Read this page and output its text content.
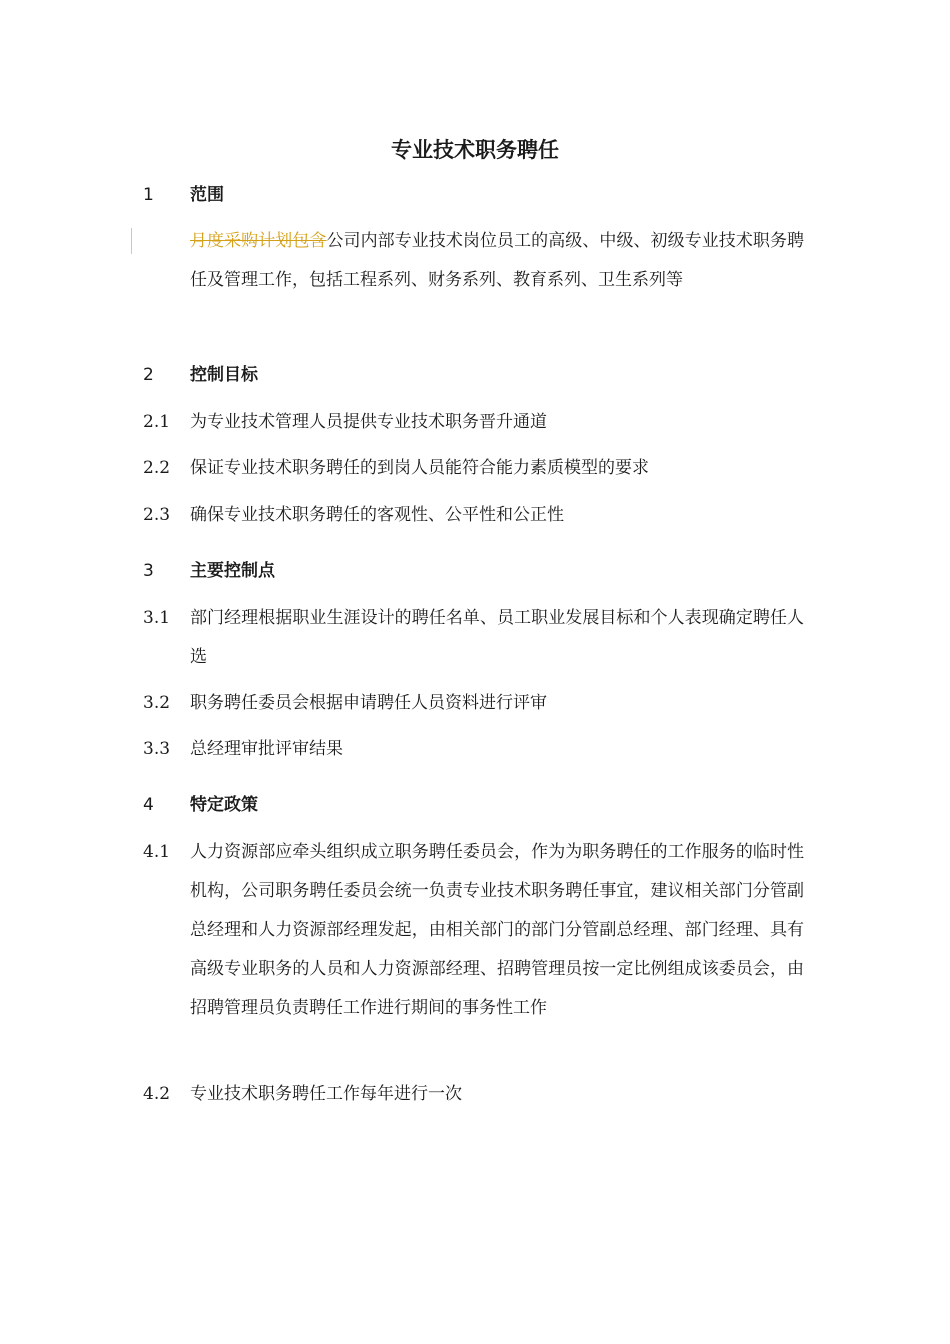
专业技术职务聘任
1 范围
月度采购计划包含公司内部专业技术岗位员工的高级、中级、初级专业技术职务聘任及管理工作，包括工程系列、财务系列、教育系列、卫生系列等
2 控制目标
2.1 为专业技术管理人员提供专业技术职务晋升通道
2.2 保证专业技术职务聘任的到岗人员能符合能力素质模型的要求
2.3 确保专业技术职务聘任的客观性、公平性和公正性
3 主要控制点
3.1 部门经理根据职业生涯设计的聘任名单、员工职业发展目标和个人表现确定聘任人选
3.2 职务聘任委员会根据申请聘任人员资料进行评审
3.3 总经理审批评审结果
4 特定政策
4.1 人力资源部应牵头组织成立职务聘任委员会，作为为职务聘任的工作服务的临时性机构，公司职务聘任委员会统一负责专业技术职务聘任事宜，建议相关部门分管副总经理和人力资源部经理发起，由相关部门的部门分管副总经理、部门经理、具有高级专业职务的人员和人力资源部经理、招聘管理员按一定比例组成该委员会，由招聘管理员负责聘任工作进行期间的事务性工作
4.2 专业技术职务聘任工作每年进行一次
